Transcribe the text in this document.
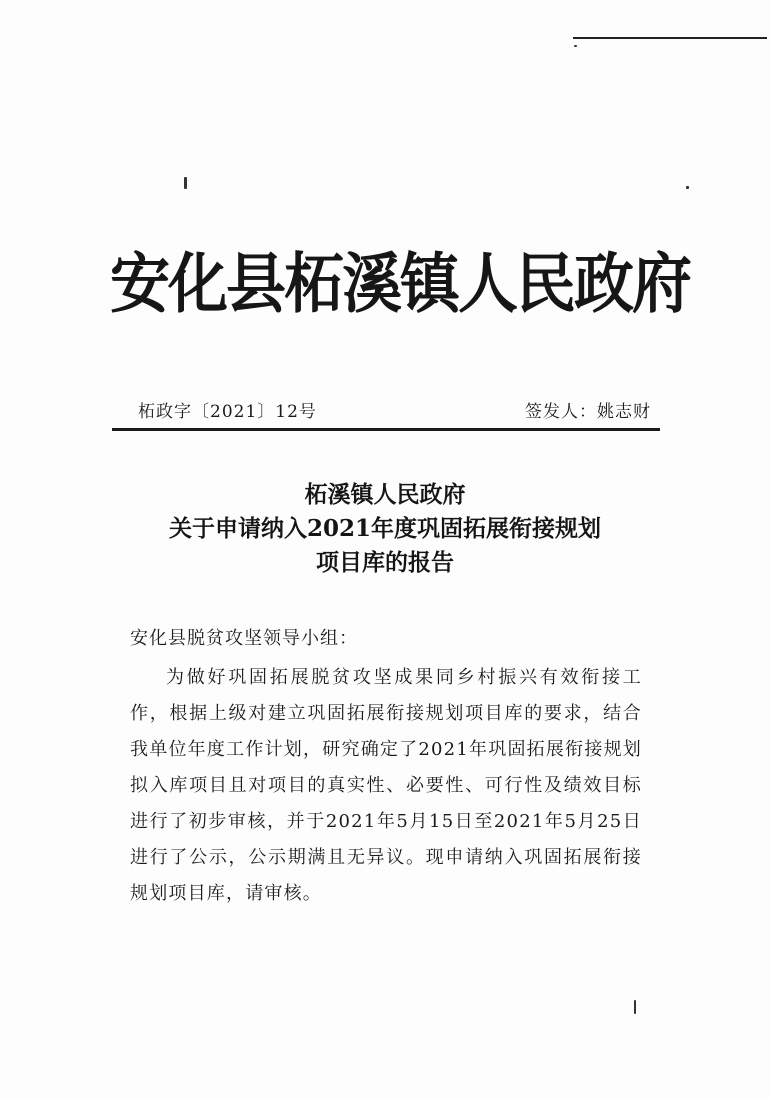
安化县柘溪镇人民政府
柘政字〔2021〕12号	签发人：姚志财
柘溪镇人民政府
关于申请纳入2021年度巩固拓展衔接规划
项目库的报告
安化县脱贫攻坚领导小组：
为做好巩固拓展脱贫攻坚成果同乡村振兴有效衔接工作，根据上级对建立巩固拓展衔接规划项目库的要求，结合我单位年度工作计划，研究确定了2021年巩固拓展衔接规划拟入库项目且对项目的真实性、必要性、可行性及绩效目标进行了初步审核，并于2021年5月15日至2021年5月25日进行了公示，公示期满且无异议。现申请纳入巩固拓展衔接规划项目库，请审核。
